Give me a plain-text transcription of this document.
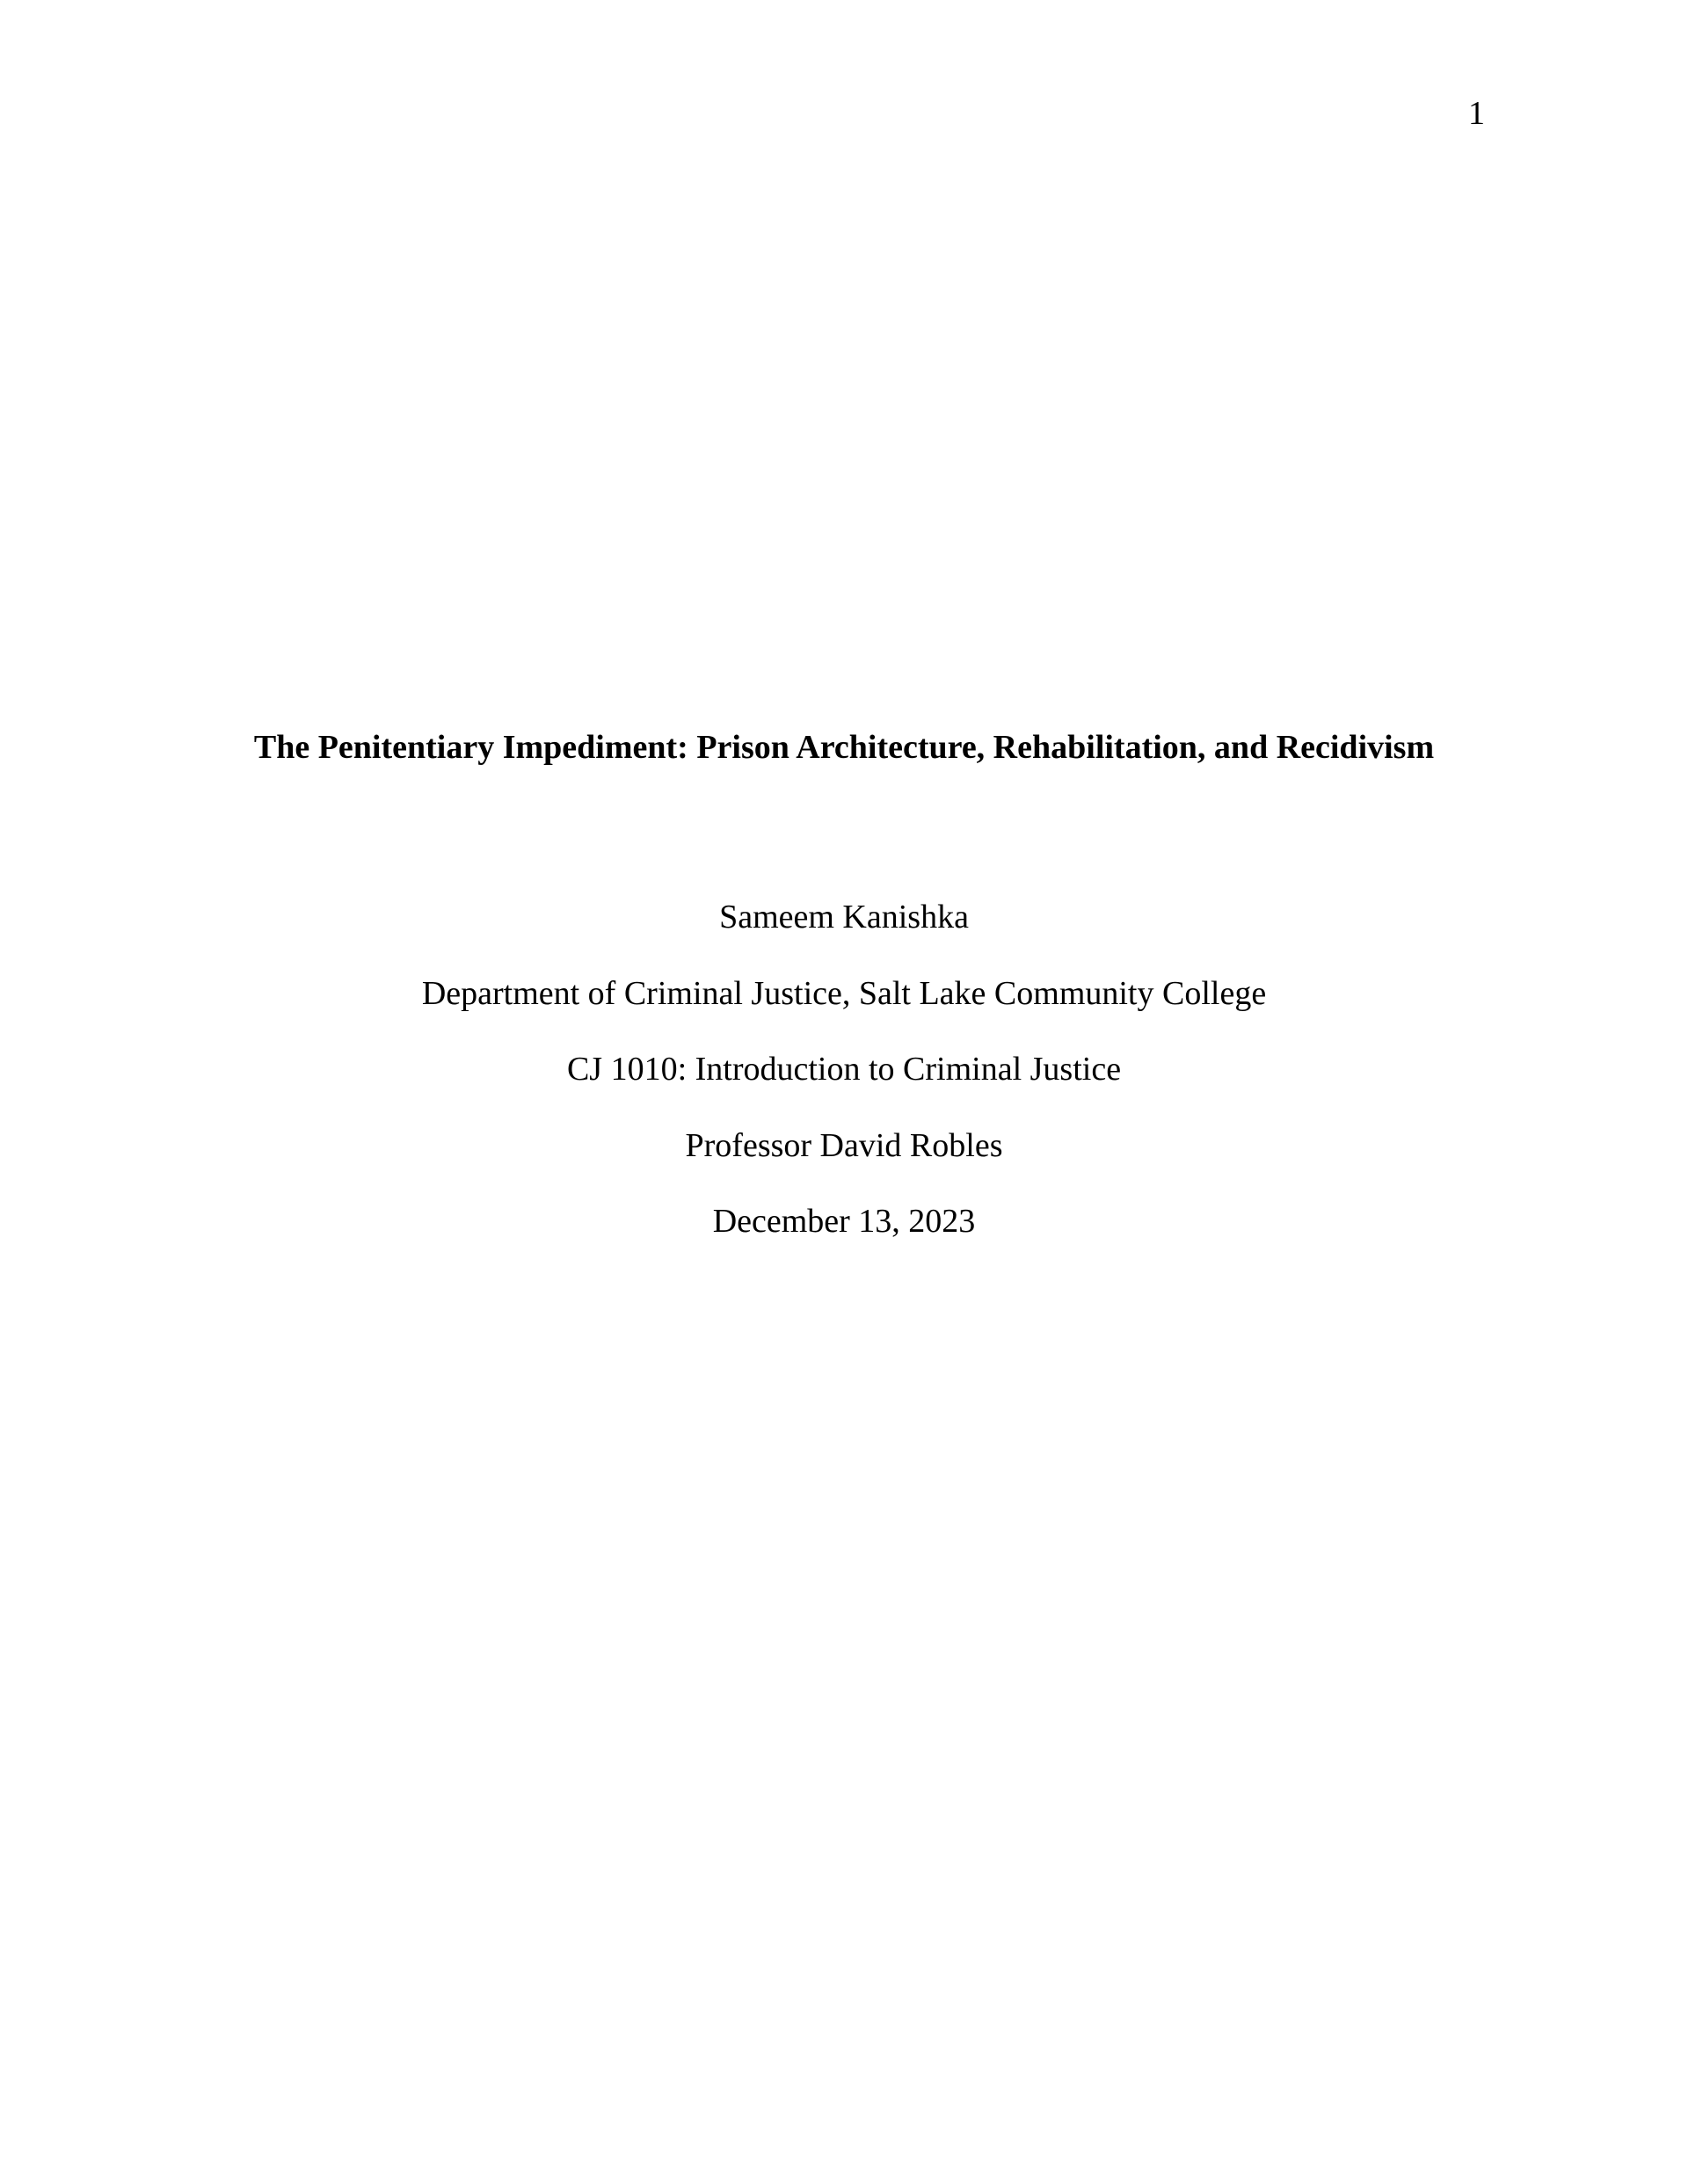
1
The Penitentiary Impediment: Prison Architecture, Rehabilitation, and Recidivism

Sameem Kanishka

Department of Criminal Justice, Salt Lake Community College

CJ 1010: Introduction to Criminal Justice

Professor David Robles

December 13, 2023
